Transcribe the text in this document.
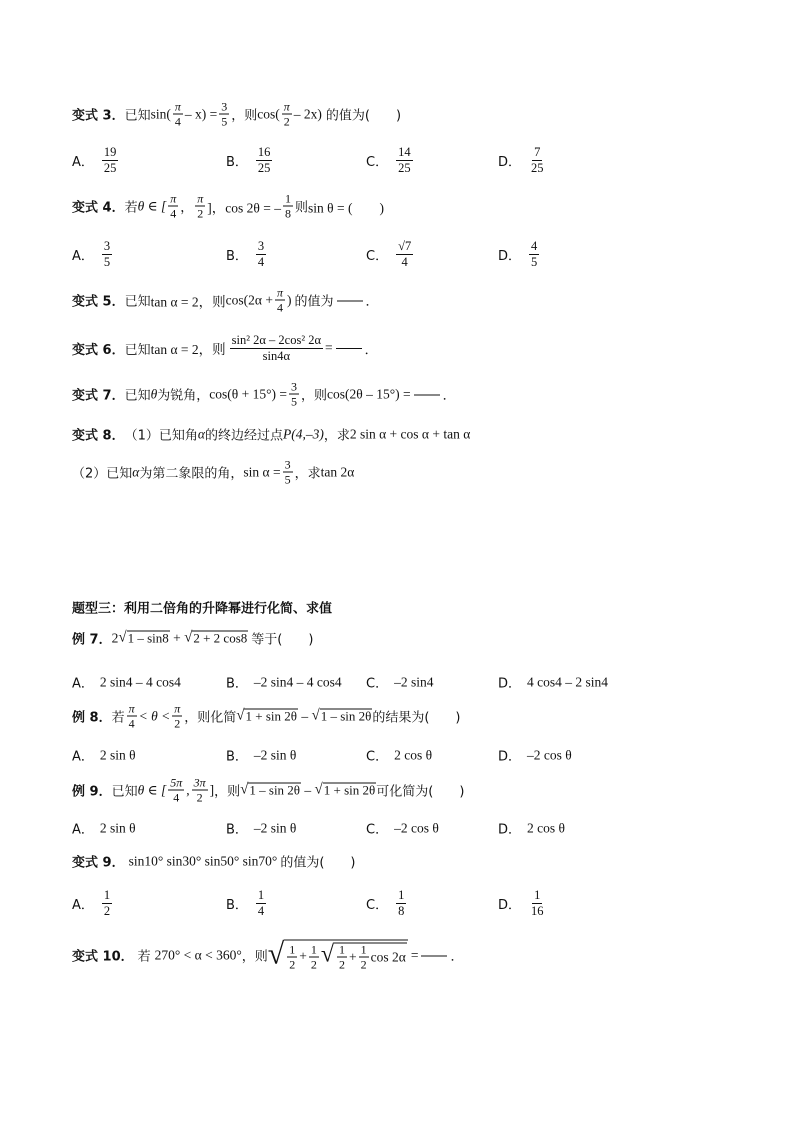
变式 3． 已知 $\sin( \frac{\pi}{4} - x) = \frac{3}{5}$ ，则 $\cos( \frac{\pi}{2} - 2x)$ 的值为(　　)
A． $\frac{19}{25}$	B． $\frac{16}{25}$	C． $\frac{14}{25}$	D． $\frac{7}{25}$
变式 4． 若 θ ∈ [ $\frac{\pi}{4}$ ， $\frac{\pi}{2}$ ]，cos 2θ = – $\frac{1}{8}$ 则 sin θ = (　　)
A． $\frac{3}{5}$	B． $\frac{3}{4}$	C． $\frac{√7}{4}$	D． $\frac{4}{5}$
变式 5． 已知 tan α = 2，则 $\cos(2\alpha + \frac{\pi}{4}$ ) 的值为 ．
变式 6． 已知 tan α = 2，则 $\frac{\text{sin² 2α – 2cos² 2α}}{\sin 4\alpha}$ = ．
变式 7． 已知 θ 为锐角， $\cos(\theta + 15^\circ) = \frac{3}{5}$ ，则 cos(2θ – 15°) = ．
变式 8． （1）已知角 α 的终边经过点 P(4,–3) ，求 2 sin α + cos α + tan α
（2）已知 α 为第二象限的角， $\sin \alpha = \frac{3}{5}$ ，求 tan 2α
题型三：利用二倍角的升降幂进行化简、求值
例 7． 2 √ 1 – sin8 + √ 2 + 2 cos8 等于(　　)
A． 2 sin4 – 4 cos4	B． –2 sin4 – 4 cos4 C． –2 sin4	D． 4 cos4 – 2 sin4
例 8． 若 $\frac{\pi}{4} < \theta < \frac{\pi}{2}$ ，则化简 √ 1 + sin 2θ – √ 1 – sin 2θ 的结果为(　　)
A． 2 sin θ	B． –2 sin θ	C． 2 cos θ	D． –2 cos θ
例 9． 已知 θ ∈ [ $\frac{5\pi}{4}$ , $\frac{3\pi}{2}$ ] ，则 √ 1 – sin 2θ – √ 1 + sin 2θ 可化简为(　　)
A． 2 sin θ	B． –2 sin θ	C． –2 cos θ	D． 2 cos θ
变式 9． sin10° sin30° sin50° sin70° 的值为(　　)
A． $\frac{1}{2}$	B． $\frac{1}{4}$	C． $\frac{1}{8}$	D． $\frac{1}{16}$
变式 10． 若 270° < α < 360° ，则 √ $\frac{1}{2} + \frac{1}{2}$ √ $\frac{1}{2} + \frac{1}{2}$ cos 2α = ．
